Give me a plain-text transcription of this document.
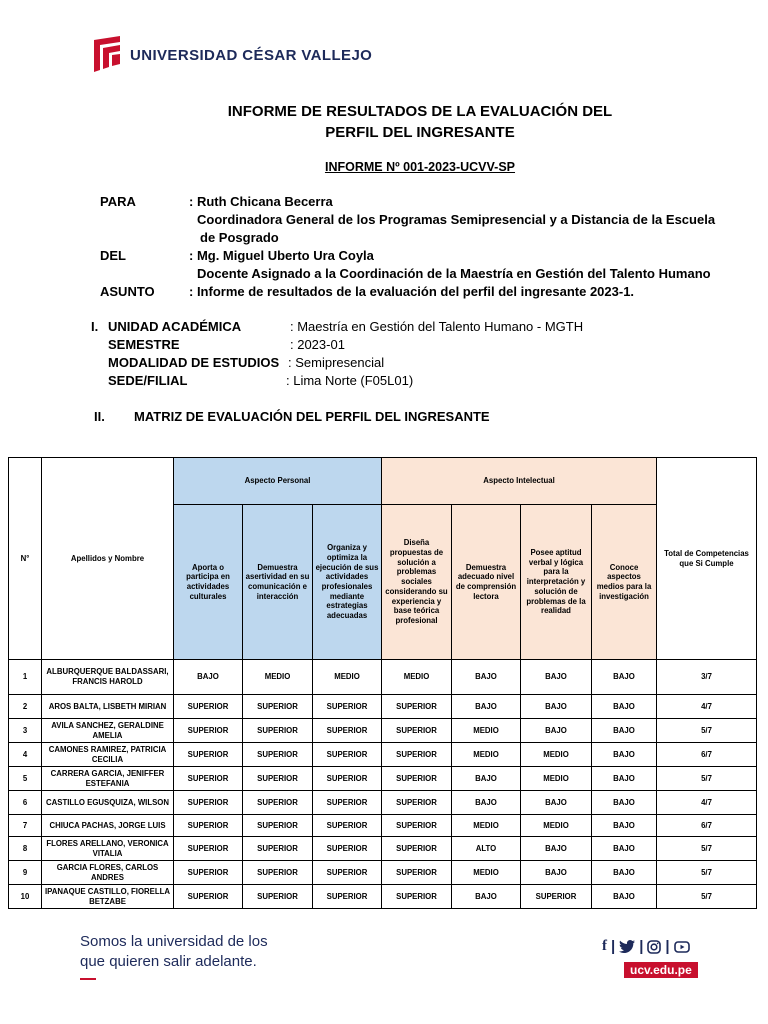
UNIVERSIDAD CÉSAR VALLEJO
INFORME DE RESULTADOS DE LA EVALUACIÓN DEL
PERFIL DEL INGRESANTE
INFORME Nº 001-2023-UCVV-SP
PARA	: Ruth Chicana Becerra
Coordinadora General de los Programas Semipresencial y a Distancia de la Escuela
de Posgrado
DEL	: Mg. Miguel Uberto Ura Coyla
Docente Asignado a la Coordinación de la Maestría en Gestión del Talento Humano
ASUNTO	: Informe de resultados de la evaluación del perfil del ingresante 2023-1.
I. UNIDAD ACADÉMICA	: Maestría en Gestión del Talento Humano - MGTH
SEMESTRE	: 2023-01
MODALIDAD DE ESTUDIOS : Semipresencial
SEDE/FILIAL	: Lima Norte (F05L01)
II. MATRIZ DE EVALUACIÓN DEL PERFIL DEL INGRESANTE
N°	Apellidos y Nombre	Aspecto Personal			Aspecto Intelectual				Total de Competencias que Si Cumple
		Aporta o participa en actividades culturales	Demuestra asertividad en su comunicación e interacción	Organiza y optimiza la ejecución de sus actividades profesionales mediante estrategias adecuadas	Diseña propuestas de solución a problemas sociales considerando su experiencia y base teórica profesional	Demuestra adecuado nivel de comprensión lectora	Posee aptitud verbal y lógica para la interpretación y solución de problemas de la realidad	Conoce aspectos medios para la investigación	
1	ALBURQUERQUE BALDASSARI, FRANCIS HAROLD	BAJO	MEDIO	MEDIO	MEDIO	BAJO	BAJO	BAJO	3/7
2	AROS BALTA, LISBETH MIRIAN	SUPERIOR	SUPERIOR	SUPERIOR	SUPERIOR	BAJO	BAJO	BAJO	4/7
3	AVILA SANCHEZ, GERALDINE AMELIA	SUPERIOR	SUPERIOR	SUPERIOR	SUPERIOR	MEDIO	BAJO	BAJO	5/7
4	CAMONES RAMIREZ, PATRICIA CECILIA	SUPERIOR	SUPERIOR	SUPERIOR	SUPERIOR	MEDIO	MEDIO	BAJO	6/7
5	CARRERA GARCIA, JENIFFER ESTEFANIA	SUPERIOR	SUPERIOR	SUPERIOR	SUPERIOR	BAJO	MEDIO	BAJO	5/7
6	CASTILLO EGUSQUIZA, WILSON	SUPERIOR	SUPERIOR	SUPERIOR	SUPERIOR	BAJO	BAJO	BAJO	4/7
7	CHIUCA PACHAS, JORGE LUIS	SUPERIOR	SUPERIOR	SUPERIOR	SUPERIOR	MEDIO	MEDIO	BAJO	6/7
8	FLORES ARELLANO, VERONICA VITALIA	SUPERIOR	SUPERIOR	SUPERIOR	SUPERIOR	ALTO	BAJO	BAJO	5/7
9	GARCIA FLORES, CARLOS ANDRES	SUPERIOR	SUPERIOR	SUPERIOR	SUPERIOR	MEDIO	BAJO	BAJO	5/7
10	IPANAQUE CASTILLO, FIORELLA BETZABE	SUPERIOR	SUPERIOR	SUPERIOR	SUPERIOR	BAJO	SUPERIOR	BAJO	5/7
Somos la universidad de los
que quieren salir adelante.
f | | |
ucv.edu.pe
